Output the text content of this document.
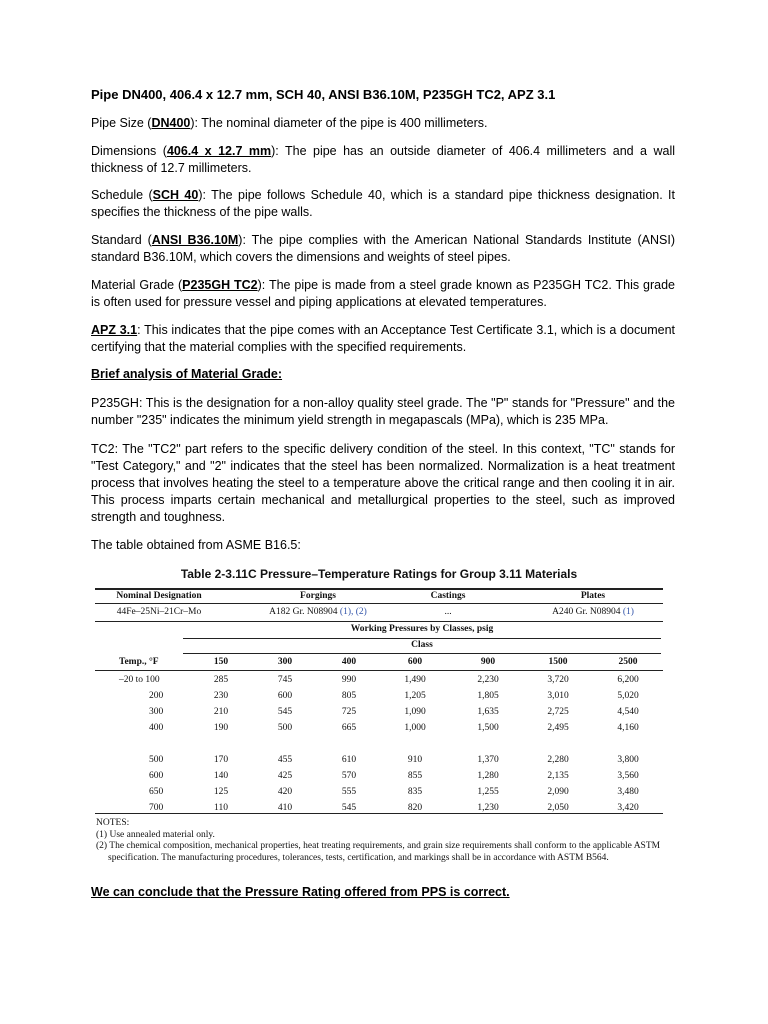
Pipe DN400, 406.4 x 12.7 mm, SCH 40, ANSI B36.10M, P235GH TC2, APZ 3.1

Pipe Size (DN400): The nominal diameter of the pipe is 400 millimeters.

Dimensions (406.4 x 12.7 mm): The pipe has an outside diameter of 406.4 millimeters and a wall thickness of 12.7 millimeters.

Schedule (SCH 40): The pipe follows Schedule 40, which is a standard pipe thickness designation. It specifies the thickness of the pipe walls.

Standard (ANSI B36.10M): The pipe complies with the American National Standards Institute (ANSI) standard B36.10M, which covers the dimensions and weights of steel pipes.

Material Grade (P235GH TC2): The pipe is made from a steel grade known as P235GH TC2. This grade is often used for pressure vessel and piping applications at elevated temperatures.

APZ 3.1: This indicates that the pipe comes with an Acceptance Test Certificate 3.1, which is a document certifying that the material complies with the specified requirements.

Brief analysis of Material Grade:

P235GH: This is the designation for a non-alloy quality steel grade. The "P" stands for "Pressure" and the number "235" indicates the minimum yield strength in megapascals (MPa), which is 235 MPa.

TC2: The "TC2" part refers to the specific delivery condition of the steel. In this context, "TC" stands for "Test Category," and "2" indicates that the steel has been normalized. Normalization is a heat treatment process that involves heating the steel to a temperature above the critical range and then cooling it in air. This process imparts certain mechanical and metallurgical properties to the steel, such as improved strength and toughness.

The table obtained from ASME B16.5:

Table 2-3.11C Pressure–Temperature Ratings for Group 3.11 Materials
Nominal Designation	Forgings	Castings	Plates
44Fe–25Ni–21Cr–Mo	A182 Gr. N08904 (1), (2)	...	A240 Gr. N08904 (1)
Working Pressures by Classes, psig
Class
Temp., °F	150	300	400	600	900	1500	2500
–20 to 100	285	745	990	1,490	2,230	3,720	6,200
200	230	600	805	1,205	1,805	3,010	5,020
300	210	545	725	1,090	1,635	2,725	4,540
400	190	500	665	1,000	1,500	2,495	4,160
500	170	455	610	910	1,370	2,280	3,800
600	140	425	570	855	1,280	2,135	3,560
650	125	420	555	835	1,255	2,090	3,480
700	110	410	545	820	1,230	2,050	3,420
NOTES:
(1) Use annealed material only.
(2) The chemical composition, mechanical properties, heat treating requirements, and grain size requirements shall conform to the applicable ASTM specification. The manufacturing procedures, tolerances, tests, certification, and markings shall be in accordance with ASTM B564.
We can conclude that the Pressure Rating offered from PPS is correct.
